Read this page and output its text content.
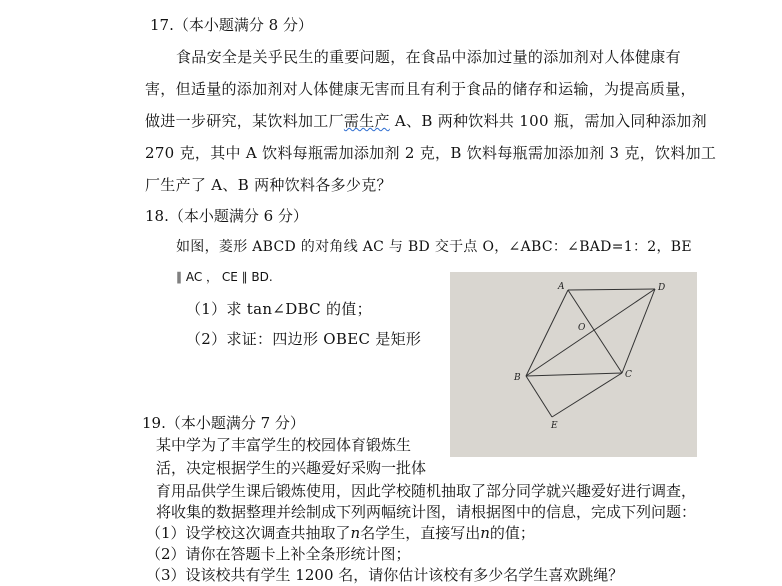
17.（本小题满分 8 分）
食品安全是关乎民生的重要问题，在食品中添加过量的添加剂对人体健康有
害，但适量的添加剂对人体健康无害而且有利于食品的储存和运输，为提高质量，
做进一步研究，某饮料加工厂需生产 A、B 两种饮料共 100 瓶，需加入同种添加剂
270 克，其中 A 饮料每瓶需加添加剂 2 克，B 饮料每瓶需加添加剂 3 克，饮料加工
厂生产了 A、B 两种饮料各多少克？
18.（本小题满分 6 分）
如图，菱形 ABCD 的对角线 AC 与 BD 交于点 O，∠ABC：∠BAD=1：2，BE
∥ AC ， CE ∥ BD.
（1）求 tan∠DBC 的值；
（2）求证：四边形 OBEC 是矩形
A	D
O
B	C
E
19.（本小题满分 7 分）
某中学为了丰富学生的校园体育锻炼生
活，决定根据学生的兴趣爱好采购一批体
育用品供学生课后锻炼使用，因此学校随机抽取了部分同学就兴趣爱好进行调查，
将收集的数据整理并绘制成下列两幅统计图，请根据图中的信息，完成下列问题：
（1）设学校这次调查共抽取了n名学生，直接写出n的值；
（2）请你在答题卡上补全条形统计图；
（3）设该校共有学生 1200 名，请你估计该校有多少名学生喜欢跳绳？
